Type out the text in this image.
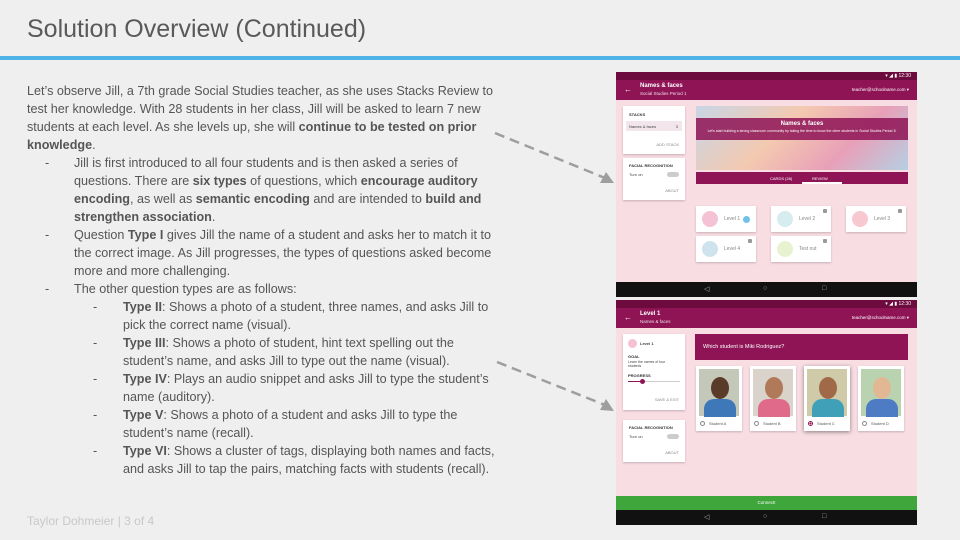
Solution Overview (Continued)

Let’s observe Jill, a 7th grade Social Studies teacher, as she uses Stacks Review to test her knowledge. With 28 students in her class, Jill will be asked to learn 7 new students at each level. As she levels up, she will continue to be tested on prior knowledge.

- Jill is first introduced to all four students and is then asked a series of questions. There are six types of questions, which encourage auditory encoding, as well as semantic encoding and are intended to build and strengthen association.

- Question Type I gives Jill the name of a student and asks her to match it to the correct image. As Jill progresses, the types of questions asked become more and more challenging.

- The other question types are as follows:

- Type II: Shows a photo of a student, three names, and asks Jill to pick the correct name (visual).

- Type III: Shows a photo of student, hint text spelling out the student’s name, and asks Jill to type out the name (visual).

- Type IV: Plays an audio snippet and asks Jill to type the student’s name (auditory).

- Type V: Shows a photo of a student and asks Jill to type the student’s name (recall).

- Type VI: Shows a cluster of tags, displaying both names and facts, and asks Jill to tap the pairs, matching facts with students (recall).

Taylor Dohmeier | 3 of 4
▾ ◢ ▮ 12:30
← Names & faces
Social Studies Period 1
teacher@schoolname.com ▾
STACKS
Names & faces	3
ADD STACK
FACIAL RECOGNITION
Turn on
ABOUT
Names & faces
Let's start building a strong classroom community by taking the time to know the other students in Social Studies Period 1!
CARDS (28)	REVIEW
Level 1	Level 2	Level 3
Level 4	Test out
◁	○	□
▾ ◢ ▮ 12:30
← Level 1
Names & faces
teacher@schoolname.com ▾
Level 1
GOAL
Learn the names of four students
PROGRESS
SAVE & EXIT
FACIAL RECOGNITION
Turn on
ABOUT
Which student is Miki Rodriguez?
Student A	Student B	Student C	Student D
Connect!
◁	○	□
